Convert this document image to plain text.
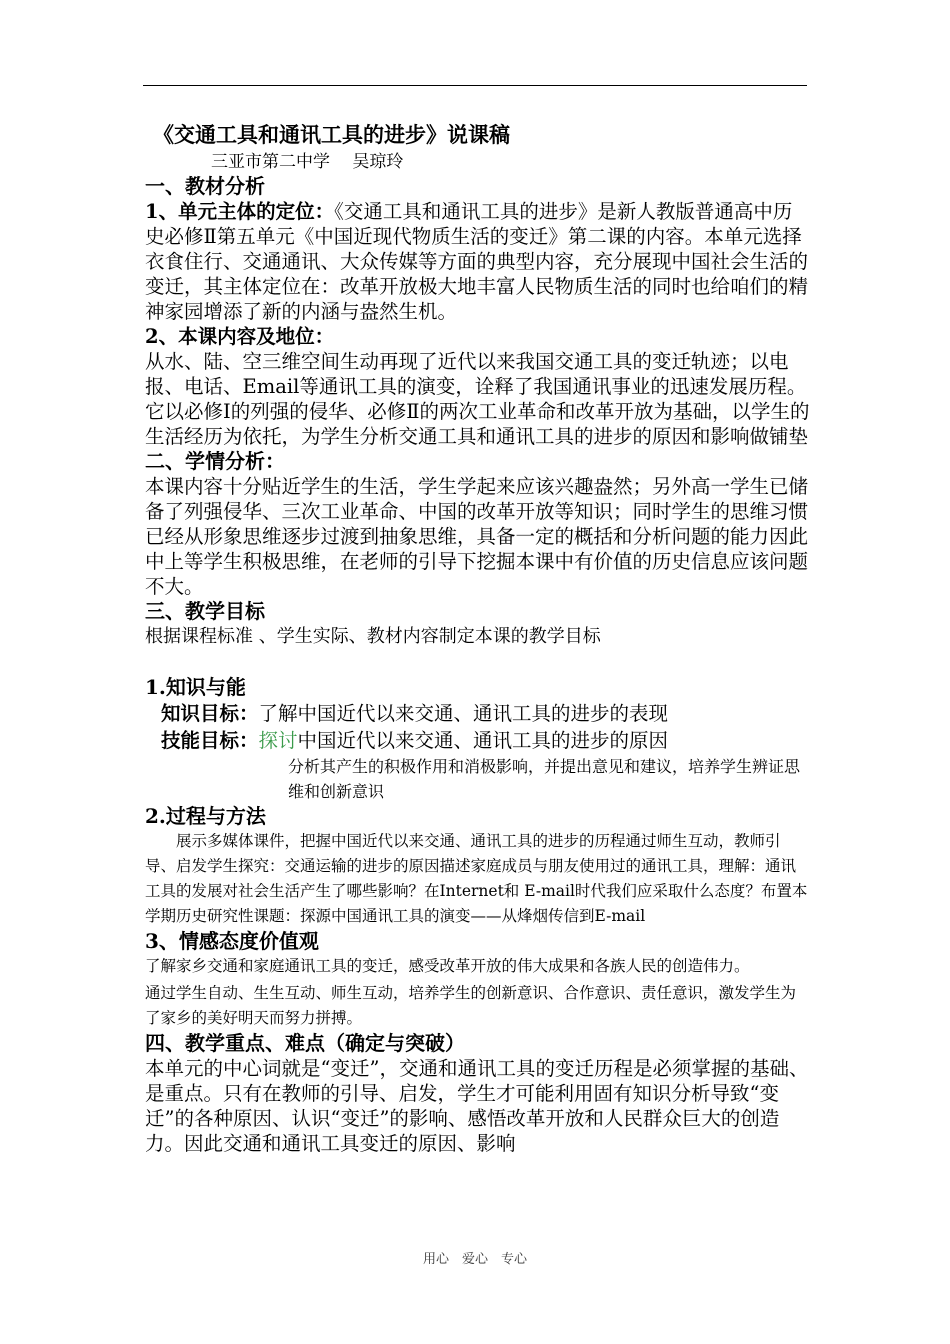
《交通工具和通讯工具的进步》说课稿

三亚市第二中学　 吴琼玲

一、教材分析

1、单元主体的定位：《交通工具和通讯工具的进步》是新人教版普通高中历史必修Ⅱ第五单元《中国近现代物质生活的变迁》第二课的内容。本单元选择衣食住行、交通通讯、大众传媒等方面的典型内容，充分展现中国社会生活的变迁，其主体定位在：改革开放极大地丰富人民物质生活的同时也给咱们的精神家园增添了新的内涵与盎然生机。

2、本课内容及地位：

从水、陆、空三维空间生动再现了近代以来我国交通工具的变迁轨迹；以电报、电话、Email等通讯工具的演变，诠释了我国通讯事业的迅速发展历程。它以必修Ⅰ的列强的侵华、必修Ⅱ的两次工业革命和改革开放为基础，以学生的生活经历为依托，为学生分析交通工具和通讯工具的进步的原因和影响做铺垫

二、学情分析：

本课内容十分贴近学生的生活，学生学起来应该兴趣盎然；另外高一学生已储备了列强侵华、三次工业革命、中国的改革开放等知识；同时学生的思维习惯已经从形象思维逐步过渡到抽象思维，具备一定的概括和分析问题的能力因此中上等学生积极思维，在老师的引导下挖掘本课中有价值的历史信息应该问题不大。

三、教学目标

根据课程标准 、学生实际、教材内容制定本课的教学目标

1.知识与能

知识目标：了解中国近代以来交通、通讯工具的进步的表现

技能目标：探讨中国近代以来交通、通讯工具的进步的原因

分析其产生的积极作用和消极影响，并提出意见和建议，培养学生辨证思维和创新意识

2.过程与方法

　　展示多媒体课件，把握中国近代以来交通、通讯工具的进步的历程通过师生互动，教师引导、启发学生探究：交通运输的进步的原因描述家庭成员与朋友使用过的通讯工具，理解：通讯工具的发展对社会生活产生了哪些影响？在Internet和 E-mail时代我们应采取什么态度？布置本学期历史研究性课题：探源中国通讯工具的演变——从烽烟传信到E-mail

3、情感态度价值观

了解家乡交通和家庭通讯工具的变迁，感受改革开放的伟大成果和各族人民的创造伟力。

通过学生自动、生生互动、师生互动，培养学生的创新意识、合作意识、责任意识，激发学生为了家乡的美好明天而努力拼搏。

四、教学重点、难点（确定与突破）

本单元的中心词就是“变迁”，交通和通讯工具的变迁历程是必须掌握的基础、是重点。只有在教师的引导、启发，学生才可能利用固有知识分析导致“变迁”的各种原因、认识“变迁”的影响、感悟改革开放和人民群众巨大的创造力。因此交通和通讯工具变迁的原因、影响

用心　爱心　专心
